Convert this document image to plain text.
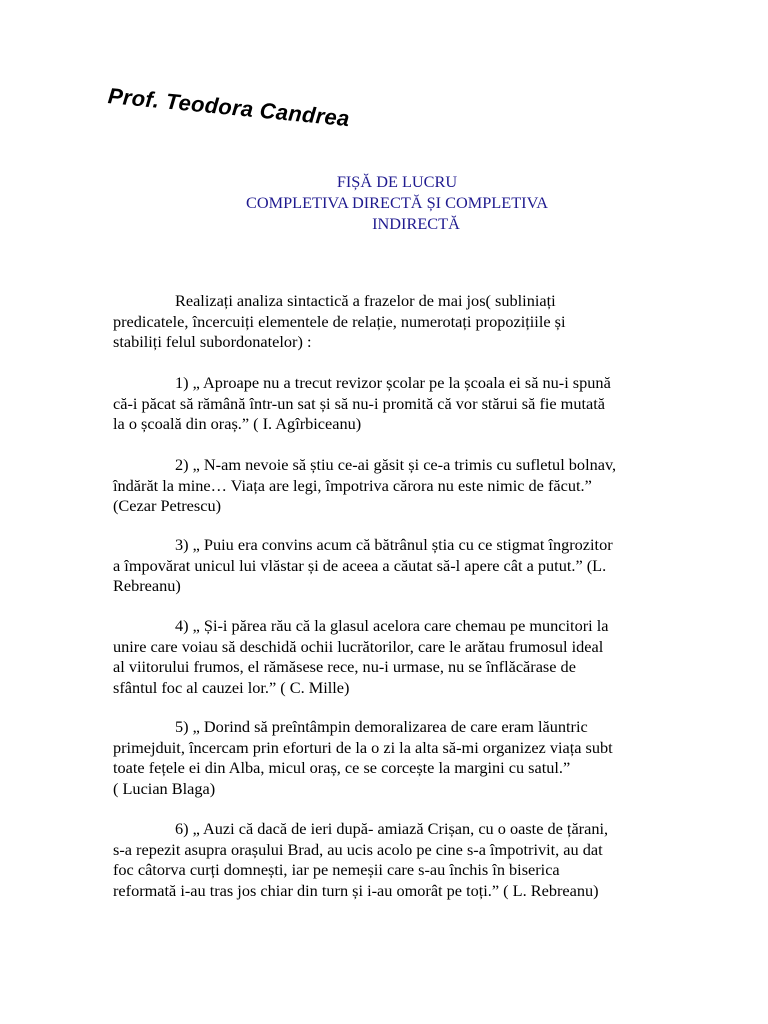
Prof. Teodora Candrea
FIȘĂ DE LUCRU
COMPLETIVA DIRECTĂ ȘI COMPLETIVA
INDIRECTĂ

Realizați analiza sintactică a frazelor de mai jos( subliniați

predicatele, încercuiți elementele de relație, numerotați propozițiile și

stabiliți felul subordonatelor) :

1) „ Aproape nu a trecut revizor școlar pe la școala ei să nu-i spună

că-i păcat să rămână într-un sat și să nu-i promită că vor stărui să fie mutată

la o școală din oraș.” ( I. Agîrbiceanu)

2) „ N-am nevoie să știu ce-ai găsit și ce-a trimis cu sufletul bolnav,

îndărăt la mine… Viața are legi, împotriva cărora nu este nimic de făcut.”

(Cezar Petrescu)

3) „ Puiu era convins acum că bătrânul știa cu ce stigmat îngrozitor

a împovărat unicul lui vlăstar și de aceea a căutat să-l apere cât a putut.” (L.

Rebreanu)

4) „ Și-i părea rău că la glasul acelora care chemau pe muncitori la

unire care voiau să deschidă ochii lucrătorilor, care le arătau frumosul ideal

al viitorului frumos, el rămăsese rece, nu-i urmase, nu se înflăcărase de

sfântul foc al cauzei lor.” ( C. Mille)

5) „ Dorind să preîntâmpin demoralizarea de care eram lăuntric

primejduit, încercam prin eforturi de la o zi la alta să-mi organizez viața subt

toate fețele ei din Alba, micul oraș, ce se corcește la margini cu satul.”

( Lucian Blaga)

6) „ Auzi că dacă de ieri după- amiază Crișan, cu o oaste de țărani,

s-a repezit asupra orașului Brad, au ucis acolo pe cine s-a împotrivit, au dat

foc câtorva curți domnești, iar pe nemeșii care s-au închis în biserica

reformată i-au tras jos chiar din turn și i-au omorât pe toți.” ( L. Rebreanu)
